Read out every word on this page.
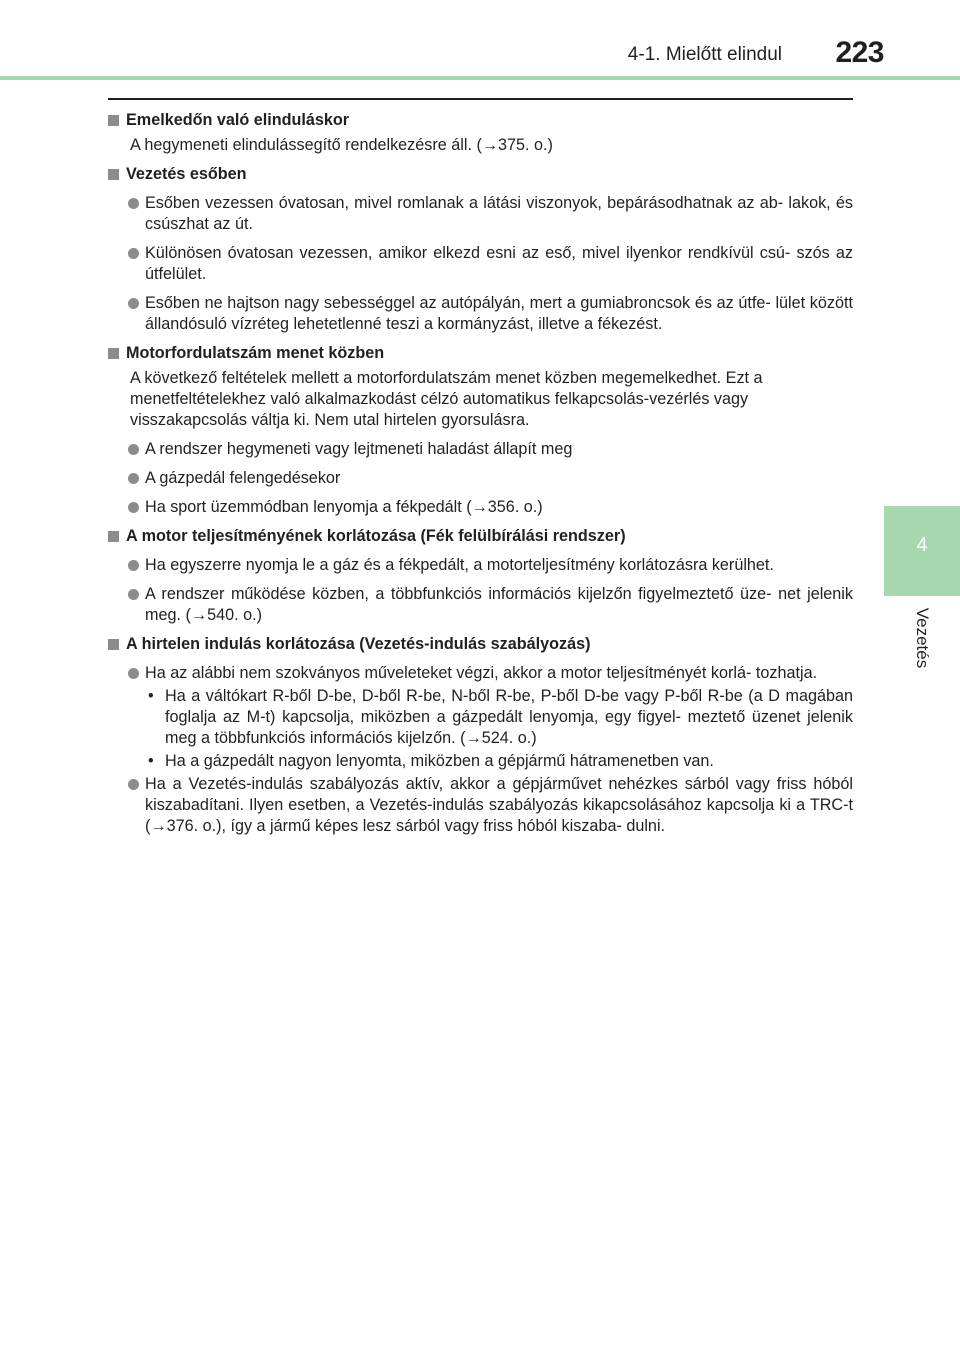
4-1. Mielőtt elindul 223
4
Vezetés
Emelkedőn való elinduláskor
A hegymeneti elindulássegítő rendelkezésre áll. (→375. o.)
Vezetés esőben
Esőben vezessen óvatosan, mivel romlanak a látási viszonyok, bepárásodhatnak az ab- lakok, és csúszhat az út.
Különösen óvatosan vezessen, amikor elkezd esni az eső, mivel ilyenkor rendkívül csú- szós az útfelület.
Esőben ne hajtson nagy sebességgel az autópályán, mert a gumiabroncsok és az útfe- lület között állandósuló vízréteg lehetetlenné teszi a kormányzást, illetve a fékezést.
Motorfordulatszám menet közben
A következő feltételek mellett a motorfordulatszám menet közben megemelkedhet. Ezt a menetfeltételekhez való alkalmazkodást célzó automatikus felkapcsolás-vezérlés vagy visszakapcsolás váltja ki. Nem utal hirtelen gyorsulásra.
A rendszer hegymeneti vagy lejtmeneti haladást állapít meg
A gázpedál felengedésekor
Ha sport üzemmódban lenyomja a fékpedált (→356. o.)
A motor teljesítményének korlátozása (Fék felülbírálási rendszer)
Ha egyszerre nyomja le a gáz és a fékpedált, a motorteljesítmény korlátozásra kerülhet.
A rendszer működése közben, a többfunkciós információs kijelzőn figyelmeztető üze- net jelenik meg. (→540. o.)
A hirtelen indulás korlátozása (Vezetés-indulás szabályozás)
Ha az alábbi nem szokványos műveleteket végzi, akkor a motor teljesítményét korlá- tozhatja.
• Ha a váltókart R-ből D-be, D-ből R-be, N-ből R-be, P-ből D-be vagy P-ből R-be (a D magában foglalja az M-t) kapcsolja, miközben a gázpedált lenyomja, egy figyel- meztető üzenet jelenik meg a többfunkciós információs kijelzőn. (→524. o.)
• Ha a gázpedált nagyon lenyomta, miközben a gépjármű hátramenetben van.
Ha a Vezetés-indulás szabályozás aktív, akkor a gépjárművet nehézkes sárból vagy friss hóból kiszabadítani. Ilyen esetben, a Vezetés-indulás szabályozás kikapcsolásához kapcsolja ki a TRC-t (→376. o.), így a jármű képes lesz sárból vagy friss hóból kiszaba- dulni.
